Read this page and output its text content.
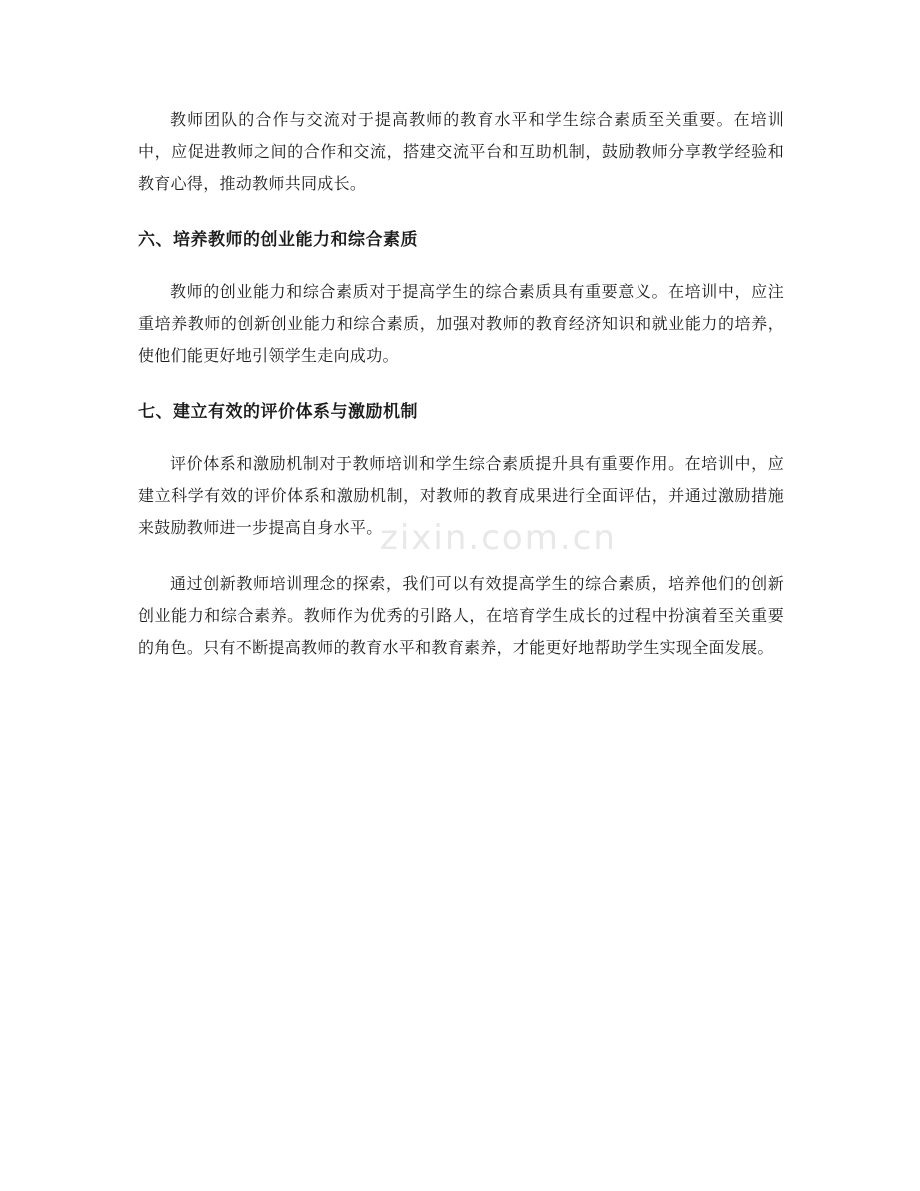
教师团队的合作与交流对于提高教师的教育水平和学生综合素质至关重要。在培训中，应促进教师之间的合作和交流，搭建交流平台和互助机制，鼓励教师分享教学经验和教育心得，推动教师共同成长。

六、培养教师的创业能力和综合素质

教师的创业能力和综合素质对于提高学生的综合素质具有重要意义。在培训中，应注重培养教师的创新创业能力和综合素质，加强对教师的教育经济知识和就业能力的培养，使他们能更好地引领学生走向成功。

七、建立有效的评价体系与激励机制

评价体系和激励机制对于教师培训和学生综合素质提升具有重要作用。在培训中，应建立科学有效的评价体系和激励机制，对教师的教育成果进行全面评估，并通过激励措施来鼓励教师进一步提高自身水平。

通过创新教师培训理念的探索，我们可以有效提高学生的综合素质，培养他们的创新创业能力和综合素养。教师作为优秀的引路人，在培育学生成长的过程中扮演着至关重要的角色。只有不断提高教师的教育水平和教育素养，才能更好地帮助学生实现全面发展。

zixin.com.cn
